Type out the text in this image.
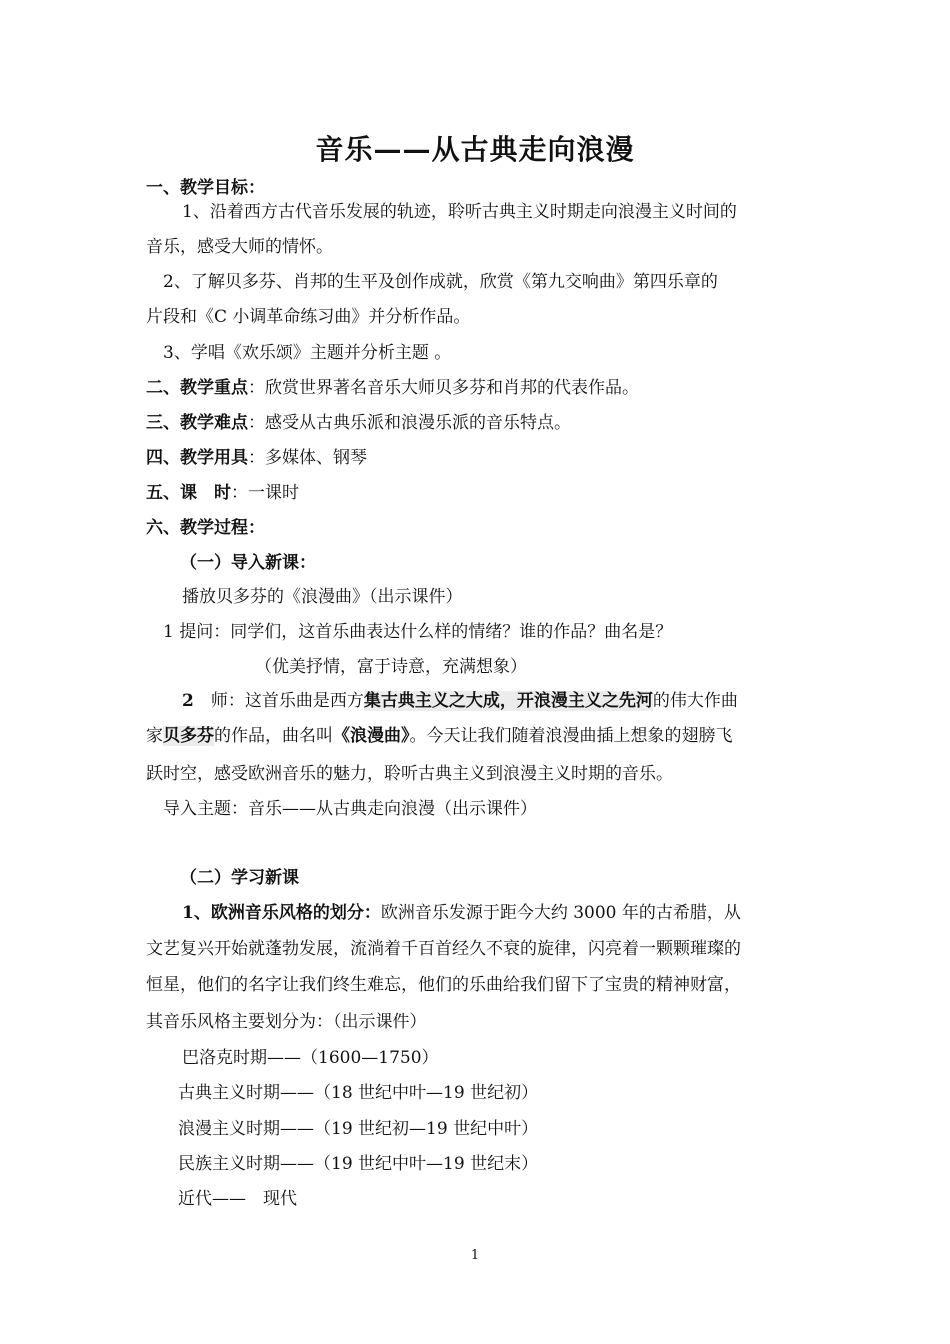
音乐——从古典走向浪漫
一、教学目标：
1、沿着西方古代音乐发展的轨迹，聆听古典主义时期走向浪漫主义时间的
音乐，感受大师的情怀。
2、了解贝多芬、肖邦的生平及创作成就，欣赏《第九交响曲》第四乐章的
片段和《C 小调革命练习曲》并分析作品。
3、学唱《欢乐颂》主题并分析主题 。
二、教学重点：欣赏世界著名音乐大师贝多芬和肖邦的代表作品。
三、教学难点：感受从古典乐派和浪漫乐派的音乐特点。
四、教学用具：多媒体、钢琴
五、课　时：一课时
六、教学过程：
（一）导入新课：
播放贝多芬的《浪漫曲》（出示课件）
1 提问：同学们，这首乐曲表达什么样的情绪？谁的作品？曲名是？
（优美抒情，富于诗意，充满想象）
2　师：这首乐曲是西方集古典主义之大成，开浪漫主义之先河的伟大作曲
家贝多芬的作品，曲名叫《浪漫曲》。今天让我们随着浪漫曲插上想象的翅膀飞
跃时空，感受欧洲音乐的魅力，聆听古典主义到浪漫主义时期的音乐。
导入主题：音乐——从古典走向浪漫（出示课件）
（二）学习新课
1、欧洲音乐风格的划分：欧洲音乐发源于距今大约 3000 年的古希腊，从
文艺复兴开始就蓬勃发展，流淌着千百首经久不衰的旋律，闪亮着一颗颗璀璨的
恒星，他们的名字让我们终生难忘，他们的乐曲给我们留下了宝贵的精神财富，
其音乐风格主要划分为：（出示课件）
巴洛克时期——（1600—1750）
古典主义时期——（18 世纪中叶—19 世纪初）
浪漫主义时期——（19 世纪初—19 世纪中叶）
民族主义时期——（19 世纪中叶—19 世纪末）
近代——　现代
1
